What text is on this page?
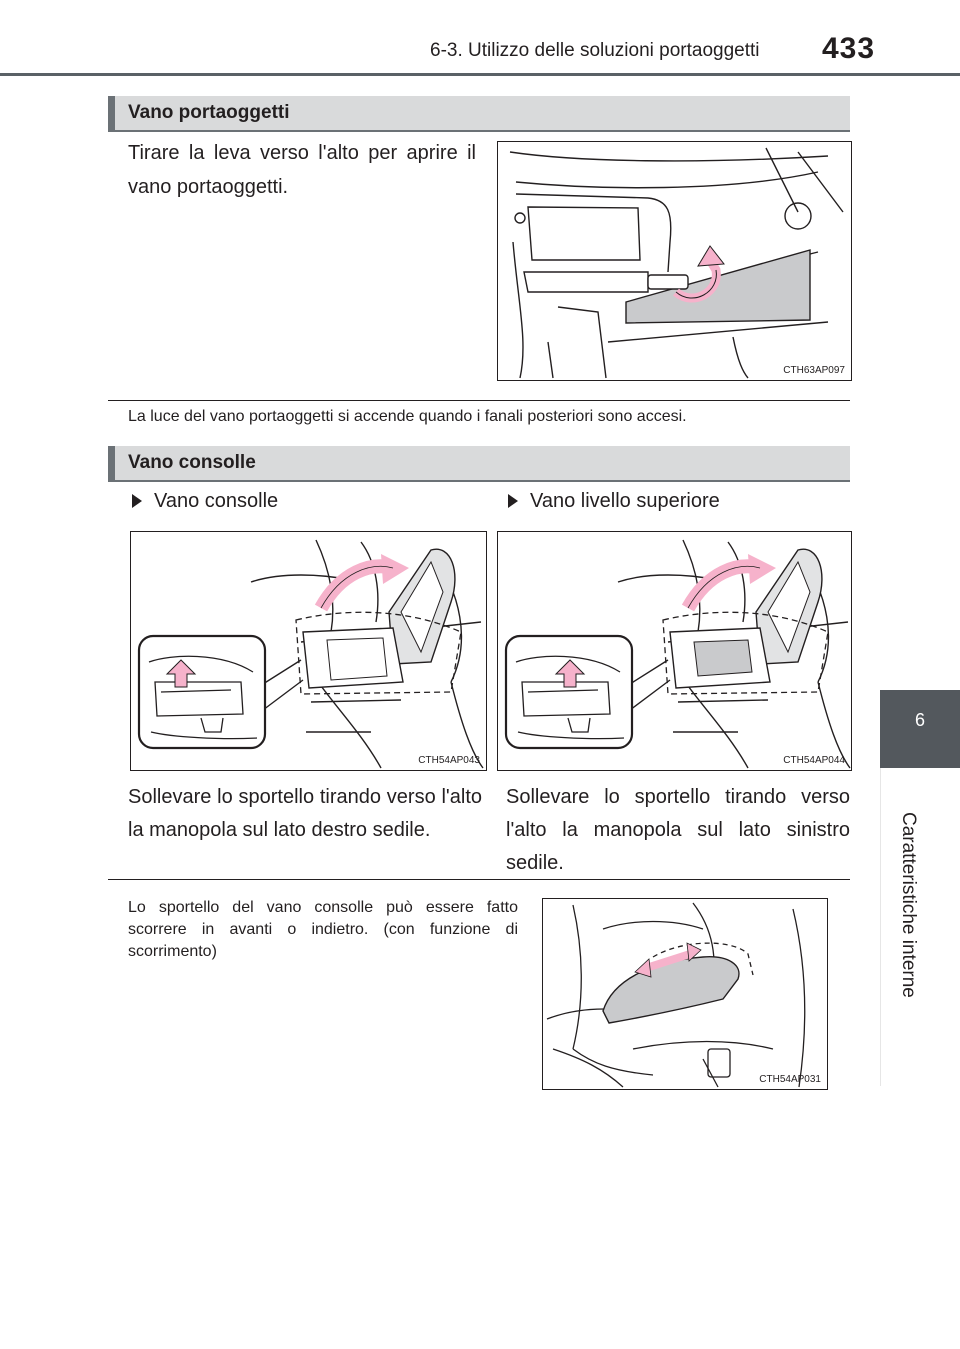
6-3. Utilizzo delle soluzioni portaoggetti 433
6
Caratteristiche interne
Vano portaoggetti
Tirare la leva verso l'alto per aprire il vano portaoggetti.
CTH63AP097
La luce del vano portaoggetti si accende quando i fanali posteriori sono accesi.
Vano consolle
Vano consolle	Vano livello superiore
CTH54AP043	CTH54AP044
Sollevare lo sportello tirando verso l'alto la manopola sul lato destro sedile.
Sollevare lo sportello tirando verso l'alto la manopola sul lato sinistro sedile.
Lo sportello del vano consolle può essere fatto scorrere in avanti o indietro. (con funzione di scorrimento)
CTH54AP031
